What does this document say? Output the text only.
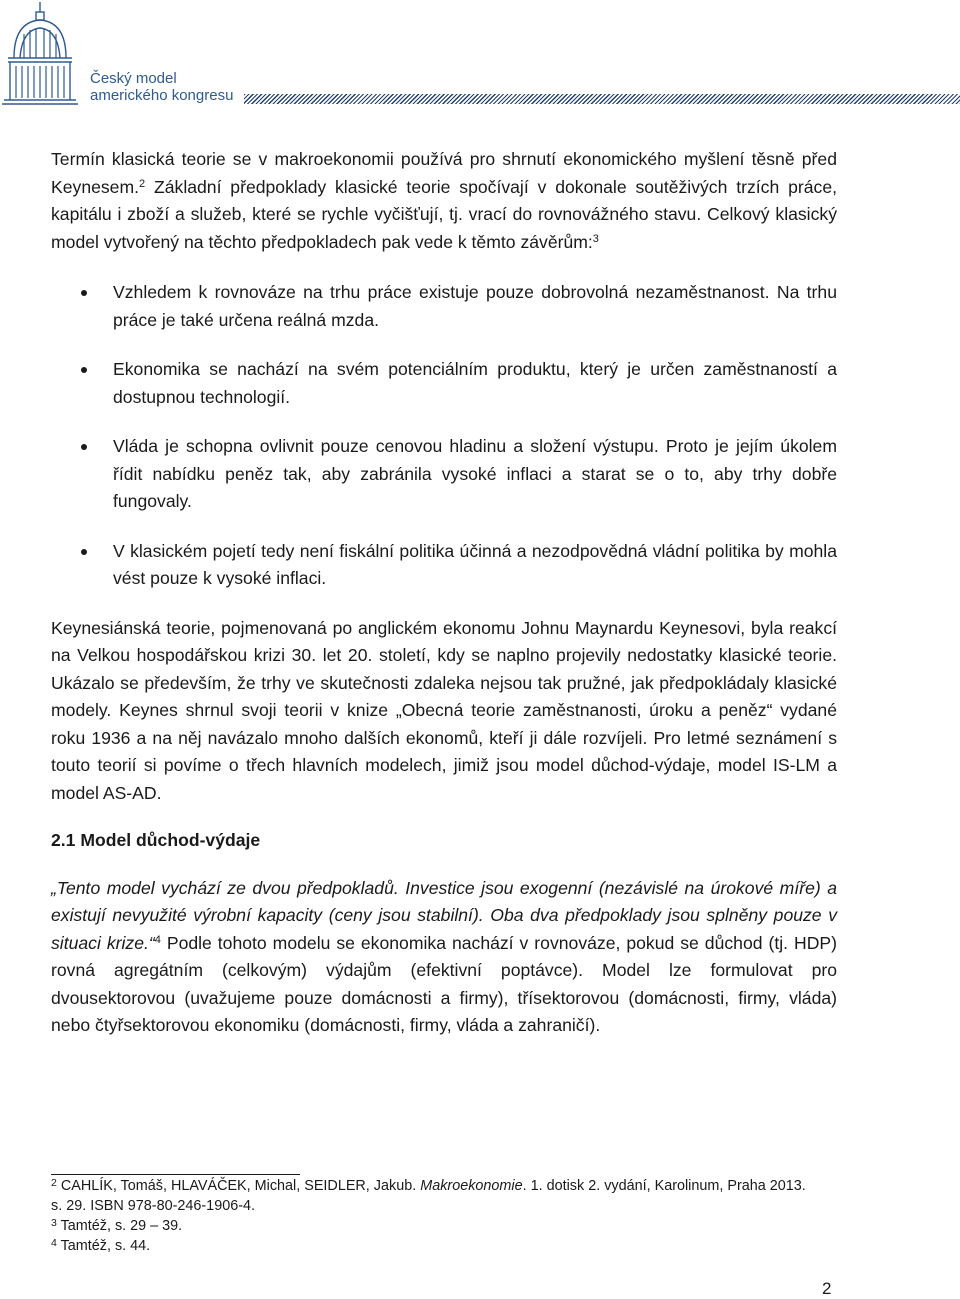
Český model
amerického kongresu

Termín klasická teorie se v makroekonomii používá pro shrnutí ekonomického myšlení těsně před Keynesem.$^2$ Základní předpoklady klasické teorie spočívají v dokonale soutěživých trzích práce, kapitálu i zboží a služeb, které se rychle vyčišťují, tj. vrací do rovnovážného stavu. Celkový klasický model vytvořený na těchto předpokladech pak vede k těmto závěrům:$^3$

Vzhledem k rovnováze na trhu práce existuje pouze dobrovolná nezaměstnanost. Na trhu práce je také určena reálná mzda.
Ekonomika se nachází na svém potenciálním produktu, který je určen zaměstnaností a dostupnou technologií.
Vláda je schopna ovlivnit pouze cenovou hladinu a složení výstupu. Proto je jejím úkolem řídit nabídku peněz tak, aby zabránila vysoké inflaci a starat se o to, aby trhy dobře fungovaly.
V klasickém pojetí tedy není fiskální politika účinná a nezodpovědná vládní politika by mohla vést pouze k vysoké inflaci.

Keynesiánská teorie, pojmenovaná po anglickém ekonomu Johnu Maynardu Keynesovi, byla reakcí na Velkou hospodářskou krizi 30. let 20. století, kdy se naplno projevily nedostatky klasické teorie. Ukázalo se především, že trhy ve skutečnosti zdaleka nejsou tak pružné, jak předpokládaly klasické modely. Keynes shrnul svoji teorii v knize „Obecná teorie zaměstnanosti, úroku a peněz“ vydané roku 1936 a na něj navázalo mnoho dalších ekonomů, kteří ji dále rozvíjeli. Pro letmé seznámení s touto teorií si povíme o třech hlavních modelech, jimiž jsou model důchod-výdaje, model IS-LM a model AS-AD.

2.1 Model důchod-výdaje

„Tento model vychází ze dvou předpokladů. Investice jsou exogenní (nezávislé na úrokové míře) a existují nevyužité výrobní kapacity (ceny jsou stabilní). Oba dva předpoklady jsou splněny pouze v situaci krize.“$^4$ Podle tohoto modelu se ekonomika nachází v rovnováze, pokud se důchod (tj. HDP) rovná agregátním (celkovým) výdajům (efektivní poptávce). Model lze formulovat pro dvousektorovou (uvažujeme pouze domácnosti a firmy), třísektorovou (domácnosti, firmy, vláda) nebo čtyřsektorovou ekonomiku (domácnosti, firmy, vláda a zahraničí).

$^2$ CAHLÍK, Tomáš, HLAVÁČEK, Michal, SEIDLER, Jakub. Makroekonomie. 1. dotisk 2. vydání, Karolinum, Praha 2013. s. 29. ISBN 978-80-246-1906-4.
$^3$ Tamtéž, s. 29 – 39.
$^4$ Tamtéž, s. 44.
2
